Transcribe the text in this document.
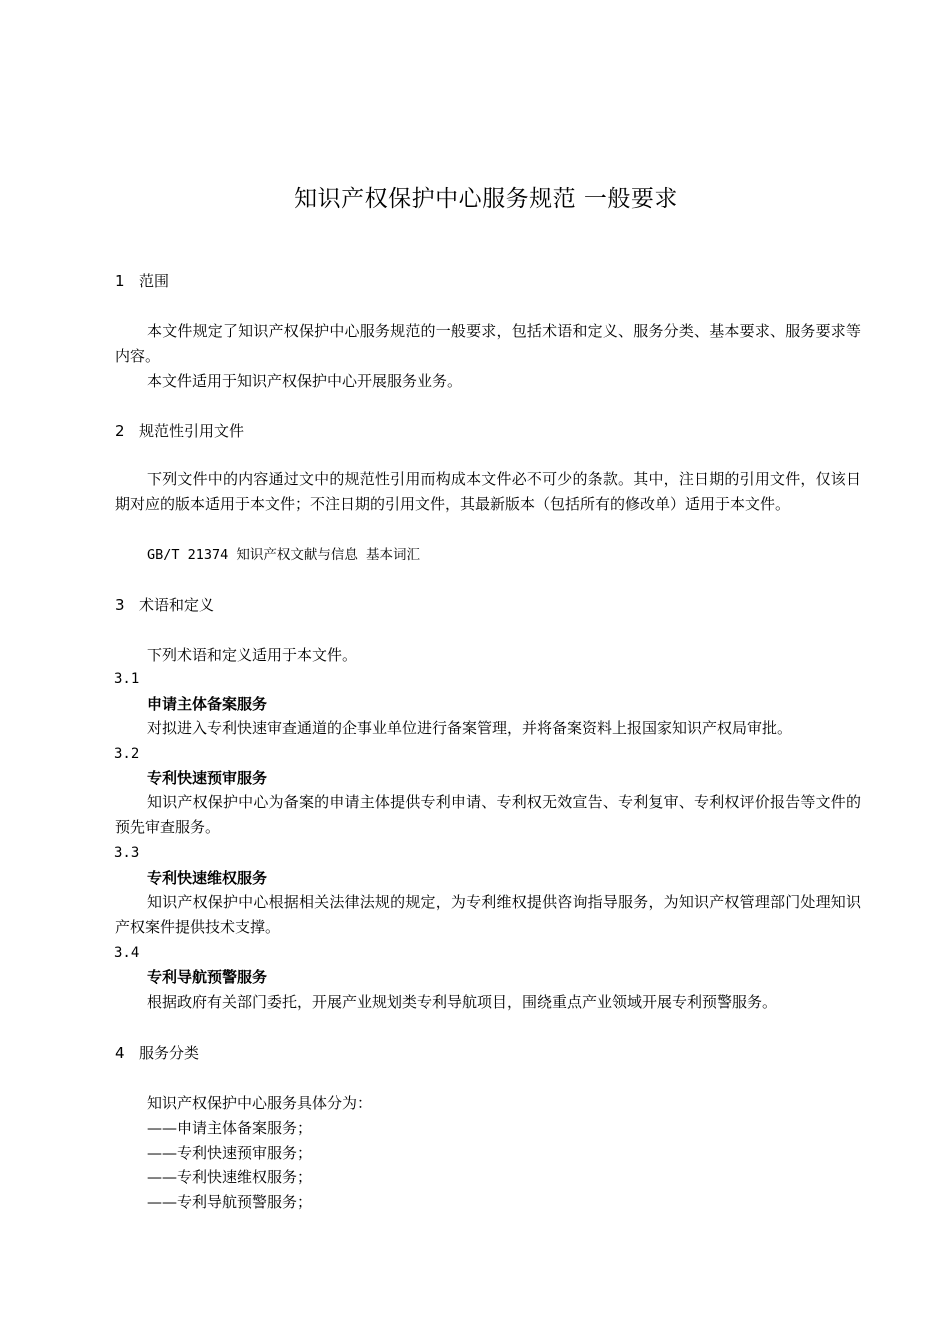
知识产权保护中心服务规范 一般要求
1 范围
本文件规定了知识产权保护中心服务规范的一般要求，包括术语和定义、服务分类、基本要求、服务要求等内容。
本文件适用于知识产权保护中心开展服务业务。
2 规范性引用文件
下列文件中的内容通过文中的规范性引用而构成本文件必不可少的条款。其中，注日期的引用文件，仅该日期对应的版本适用于本文件；不注日期的引用文件，其最新版本（包括所有的修改单）适用于本文件。
GB/T 21374 知识产权文献与信息 基本词汇
3 术语和定义
下列术语和定义适用于本文件。
3.1
申请主体备案服务
对拟进入专利快速审查通道的企事业单位进行备案管理，并将备案资料上报国家知识产权局审批。
3.2
专利快速预审服务
知识产权保护中心为备案的申请主体提供专利申请、专利权无效宣告、专利复审、专利权评价报告等文件的预先审查服务。
3.3
专利快速维权服务
知识产权保护中心根据相关法律法规的规定，为专利维权提供咨询指导服务，为知识产权管理部门处理知识产权案件提供技术支撑。
3.4
专利导航预警服务
根据政府有关部门委托，开展产业规划类专利导航项目，围绕重点产业领域开展专利预警服务。
4 服务分类
知识产权保护中心服务具体分为：
——申请主体备案服务；
——专利快速预审服务；
——专利快速维权服务；
——专利导航预警服务；
